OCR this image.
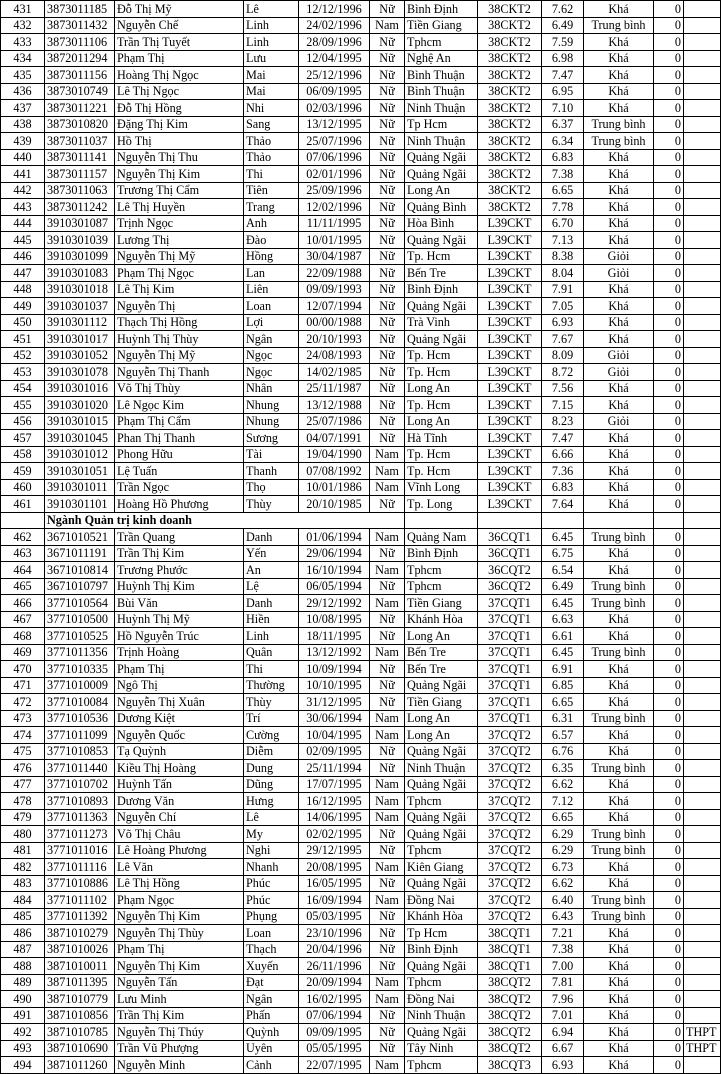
431	3873011185	Đỗ Thị Mỹ	Lê	12/12/1996	Nữ	Bình Định	38CKT2	7.62	Khá	0	
432	3873011432	Nguyễn Chế	Linh	24/02/1996	Nam	Tiền Giang	38CKT2	6.49	Trung bình	0	
433	3873011106	Trần Thị Tuyết	Linh	28/09/1996	Nữ	Tphcm	38CKT2	7.59	Khá	0	
434	3872011294	Phạm Thị	Lưu	12/04/1995	Nữ	Nghệ An	38CKT2	6.98	Khá	0	
435	3873011156	Hoàng Thị Ngọc	Mai	25/12/1996	Nữ	Bình Thuận	38CKT2	7.47	Khá	0	
436	3873010749	Lê Thị Ngọc	Mai	06/09/1995	Nữ	Bình Thuận	38CKT2	6.95	Khá	0	
437	3873011221	Đỗ Thị Hồng	Nhi	02/03/1996	Nữ	Ninh Thuận	38CKT2	7.10	Khá	0	
438	3873010820	Đặng Thị Kim	Sang	13/12/1995	Nữ	Tp Hcm	38CKT2	6.37	Trung bình	0	
439	3873011037	Hồ Thị	Thảo	25/07/1996	Nữ	Ninh Thuận	38CKT2	6.34	Trung bình	0	
440	3873011141	Nguyễn Thị Thu	Thảo	07/06/1996	Nữ	Quảng Ngãi	38CKT2	6.83	Khá	0	
441	3873011157	Nguyễn Thị Kim	Thi	02/01/1996	Nữ	Quảng Ngãi	38CKT2	7.38	Khá	0	
442	3873011063	Trương Thị Cẩm	Tiên	25/09/1996	Nữ	Long An	38CKT2	6.65	Khá	0	
443	3873011242	Lê Thị Huyền	Trang	12/02/1996	Nữ	Quảng Bình	38CKT2	7.78	Khá	0	
444	3910301087	Trịnh Ngọc	Anh	11/11/1995	Nữ	Hòa Bình	L39CKT	6.70	Khá	0	
445	3910301039	Lương Thị	Đào	10/01/1995	Nữ	Quảng Ngãi	L39CKT	7.13	Khá	0	
446	3910301099	Nguyễn Thị Mỹ	Hồng	30/04/1987	Nữ	Tp. Hcm	L39CKT	8.38	Giỏi	0	
447	3910301083	Phạm Thị Ngọc	Lan	22/09/1988	Nữ	Bến Tre	L39CKT	8.04	Giỏi	0	
448	3910301018	Lê Thị Kim	Liên	09/09/1993	Nữ	Bình Định	L39CKT	7.91	Khá	0	
449	3910301037	Nguyễn Thị	Loan	12/07/1994	Nữ	Quảng Ngãi	L39CKT	7.05	Khá	0	
450	3910301112	Thạch Thị Hồng	Lợi	00/00/1988	Nữ	Trà Vinh	L39CKT	6.93	Khá	0	
451	3910301017	Huỳnh Thị Thùy	Ngân	20/10/1993	Nữ	Quảng Ngãi	L39CKT	7.67	Khá	0	
452	3910301052	Nguyễn Thị Mỹ	Ngọc	24/08/1993	Nữ	Tp. Hcm	L39CKT	8.09	Giỏi	0	
453	3910301078	Nguyễn Thị Thanh	Ngọc	14/02/1985	Nữ	Tp. Hcm	L39CKT	8.72	Giỏi	0	
454	3910301016	Võ Thị Thùy	Nhân	25/11/1987	Nữ	Long An	L39CKT	7.56	Khá	0	
455	3910301020	Lê Ngọc Kim	Nhung	13/12/1988	Nữ	Tp. Hcm	L39CKT	7.15	Khá	0	
456	3910301015	Phạm Thị Cẩm	Nhung	25/07/1986	Nữ	Long An	L39CKT	8.23	Giỏi	0	
457	3910301045	Phan Thị Thanh	Sương	04/07/1991	Nữ	Hà Tĩnh	L39CKT	7.47	Khá	0	
458	3910301012	Phong Hữu	Tài	19/04/1990	Nam	Tp. Hcm	L39CKT	6.66	Khá	0	
459	3910301051	Lệ Tuấn	Thanh	07/08/1992	Nam	Tp. Hcm	L39CKT	7.36	Khá	0	
460	3910301011	Trần Ngọc	Thọ	10/01/1986	Nam	Vĩnh Long	L39CKT	6.83	Khá	0	
461	3910301101	Hoàng Hồ Phương	Thùy	20/10/1985	Nữ	Tp. Long	L39CKT	7.64	Khá	0	
	Ngành Quản trị kinh doanh										
462	3671010521	Trần Quang	Danh	01/06/1994	Nam	Quảng Nam	36CQT1	6.45	Trung bình	0	
463	3671011191	Trần Thị Kim	Yến	29/06/1994	Nữ	Bình Định	36CQT1	6.75	Khá	0	
464	3671010814	Trương Phước	An	16/10/1994	Nam	Tphcm	36CQT2	6.54	Khá	0	
465	3671010797	Huỳnh Thị Kim	Lệ	06/05/1994	Nữ	Tphcm	36CQT2	6.49	Trung bình	0	
466	3771010564	Bùi Văn	Danh	29/12/1992	Nam	Tiền Giang	37CQT1	6.45	Trung bình	0	
467	3771010500	Huỳnh Thị Mỹ	Hiền	10/08/1995	Nữ	Khánh Hòa	37CQT1	6.63	Khá	0	
468	3771010525	Hồ Nguyễn Trúc	Linh	18/11/1995	Nữ	Long An	37CQT1	6.61	Khá	0	
469	3771011356	Trịnh Hoàng	Quân	13/12/1992	Nam	Bến Tre	37CQT1	6.45	Trung bình	0	
470	3771010335	Phạm Thị	Thi	10/09/1994	Nữ	Bến Tre	37CQT1	6.91	Khá	0	
471	3771010009	Ngô Thị	Thường	10/10/1995	Nữ	Quảng Ngãi	37CQT1	6.85	Khá	0	
472	3771010084	Nguyễn Thị Xuân	Thùy	31/12/1995	Nữ	Tiền Giang	37CQT1	6.65	Khá	0	
473	3771010536	Dương Kiệt	Trí	30/06/1994	Nam	Long An	37CQT1	6.31	Trung bình	0	
474	3771011099	Nguyễn Quốc	Cường	10/04/1995	Nam	Long An	37CQT2	6.57	Khá	0	
475	3771010853	Tạ Quỳnh	Diễm	02/09/1995	Nữ	Quảng Ngãi	37CQT2	6.76	Khá	0	
476	3771011440	Kiều Thị Hoàng	Dung	25/11/1994	Nữ	Ninh Thuận	37CQT2	6.35	Trung bình	0	
477	3771010702	Huỳnh Tấn	Dũng	17/07/1995	Nam	Quảng Ngãi	37CQT2	6.62	Khá	0	
478	3771010893	Dương Văn	Hưng	16/12/1995	Nam	Tphcm	37CQT2	7.12	Khá	0	
479	3771011363	Nguyễn Chí	Lê	14/06/1995	Nam	Quảng Ngãi	37CQT2	6.65	Khá	0	
480	3771011273	Võ Thị Châu	My	02/02/1995	Nữ	Quảng Ngãi	37CQT2	6.29	Trung bình	0	
481	3771011016	Lê Hoàng Phương	Nghi	29/12/1995	Nữ	Tphcm	37CQT2	6.29	Trung bình	0	
482	3771011116	Lê Văn	Nhanh	20/08/1995	Nam	Kiên Giang	37CQT2	6.73	Khá	0	
483	3771010886	Lê Thị Hồng	Phúc	16/05/1995	Nữ	Quảng Ngãi	37CQT2	6.62	Khá	0	
484	3771011102	Phạm Ngọc	Phúc	16/09/1994	Nam	Đồng Nai	37CQT2	6.40	Trung bình	0	
485	3771011392	Nguyễn Thị Kim	Phụng	05/03/1995	Nữ	Khánh Hòa	37CQT2	6.43	Trung bình	0	
486	3871010279	Nguyễn Thị Thùy	Loan	23/10/1996	Nữ	Tp Hcm	38CQT1	7.21	Khá	0	
487	3871010026	Phạm Thị	Thạch	20/04/1996	Nữ	Bình Định	38CQT1	7.38	Khá	0	
488	3871010011	Nguyễn Thị Kim	Xuyến	26/11/1996	Nữ	Quảng Ngãi	38CQT1	7.00	Khá	0	
489	3871011395	Nguyễn Tấn	Đạt	20/09/1994	Nam	Tphcm	38CQT2	7.81	Khá	0	
490	3871010779	Lưu Minh	Ngân	16/02/1995	Nam	Đồng Nai	38CQT2	7.96	Khá	0	
491	3871010856	Trần Thị Kim	Phấn	07/06/1994	Nữ	Ninh Thuận	38CQT2	7.01	Khá	0	
492	3871010785	Nguyễn Thị Thúy	Quỳnh	09/09/1995	Nữ	Quảng Ngãi	38CQT2	6.94	Khá	0	THPT
493	3871010690	Trần Vũ Phượng	Uyên	05/05/1995	Nữ	Tây Ninh	38CQT2	6.67	Khá	0	THPT
494	3871011260	Nguyễn Minh	Cảnh	22/07/1995	Nam	Tphcm	38CQT3	6.93	Khá	0	
